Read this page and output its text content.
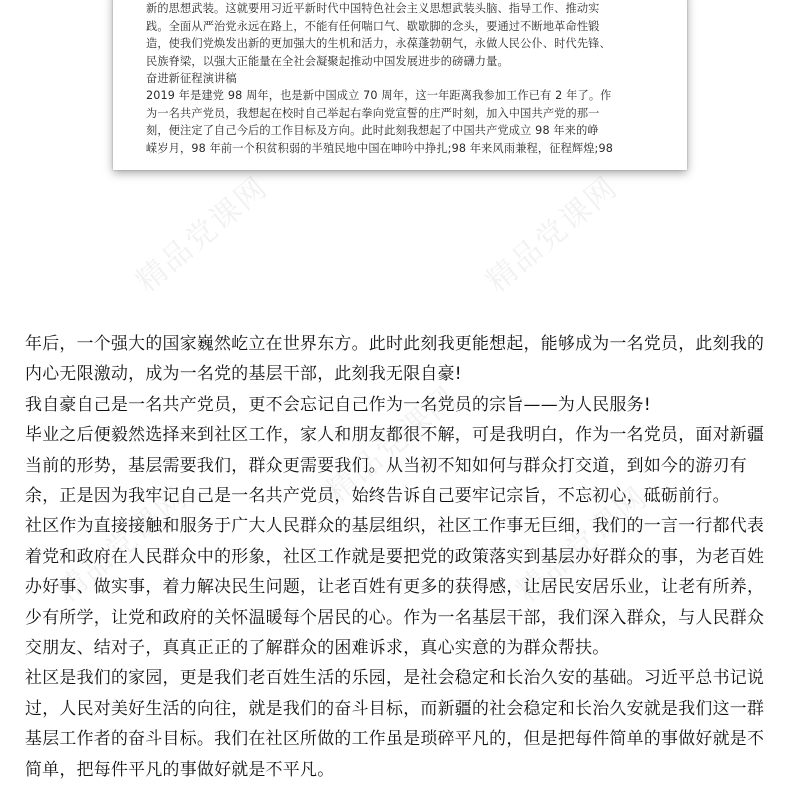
新的思想武装。这就要用习近平新时代中国特色社会主义思想武装头脑、指导工作、推动实

践。全面从严治党永远在路上，不能有任何喘口气、歇歇脚的念头，要通过不断地革命性锻

造，使我们党焕发出新的更加强大的生机和活力，永葆蓬勃朝气，永做人民公仆、时代先锋、

民族脊梁，以强大正能量在全社会凝聚起推动中国发展进步的磅礴力量。

奋进新征程演讲稿

2019 年是建党 98 周年，也是新中国成立 70 周年，这一年距离我参加工作已有 2 年了。作

为一名共产党员，我想起在校时自己举起右拳向党宣誓的庄严时刻，加入中国共产党的那一

刻，便注定了自己今后的工作目标及方向。此时此刻我想起了中国共产党成立 98 年来的峥

嵘岁月，98 年前一个积贫积弱的半殖民地中国在呻吟中挣扎;98 年来风雨兼程，征程辉煌;98

精品党课网	精品党课网
精品党课网
精品党课网	精品党课网

年后，一个强大的国家巍然屹立在世界东方。此时此刻我更能想起，能够成为一名党员，此刻我的内心无限激动，成为一名党的基层干部，此刻我无限自豪!

我自豪自己是一名共产党员，更不会忘记自己作为一名党员的宗旨——为人民服务!

毕业之后便毅然选择来到社区工作，家人和朋友都很不解，可是我明白，作为一名党员，面对新疆当前的形势，基层需要我们，群众更需要我们。从当初不知如何与群众打交道，到如今的游刃有余，正是因为我牢记自己是一名共产党员，始终告诉自己要牢记宗旨，不忘初心，砥砺前行。

社区作为直接接触和服务于广大人民群众的基层组织，社区工作事无巨细，我们的一言一行都代表着党和政府在人民群众中的形象，社区工作就是要把党的政策落实到基层办好群众的事，为老百姓办好事、做实事，着力解决民生问题，让老百姓有更多的获得感，让居民安居乐业，让老有所养，少有所学，让党和政府的关怀温暖每个居民的心。作为一名基层干部，我们深入群众，与人民群众交朋友、结对子，真真正正的了解群众的困难诉求，真心实意的为群众帮扶。

社区是我们的家园，更是我们老百姓生活的乐园，是社会稳定和长治久安的基础。习近平总书记说过，人民对美好生活的向往，就是我们的奋斗目标，而新疆的社会稳定和长治久安就是我们这一群基层工作者的奋斗目标。我们在社区所做的工作虽是琐碎平凡的，但是把每件简单的事做好就是不简单，把每件平凡的事做好就是不平凡。
